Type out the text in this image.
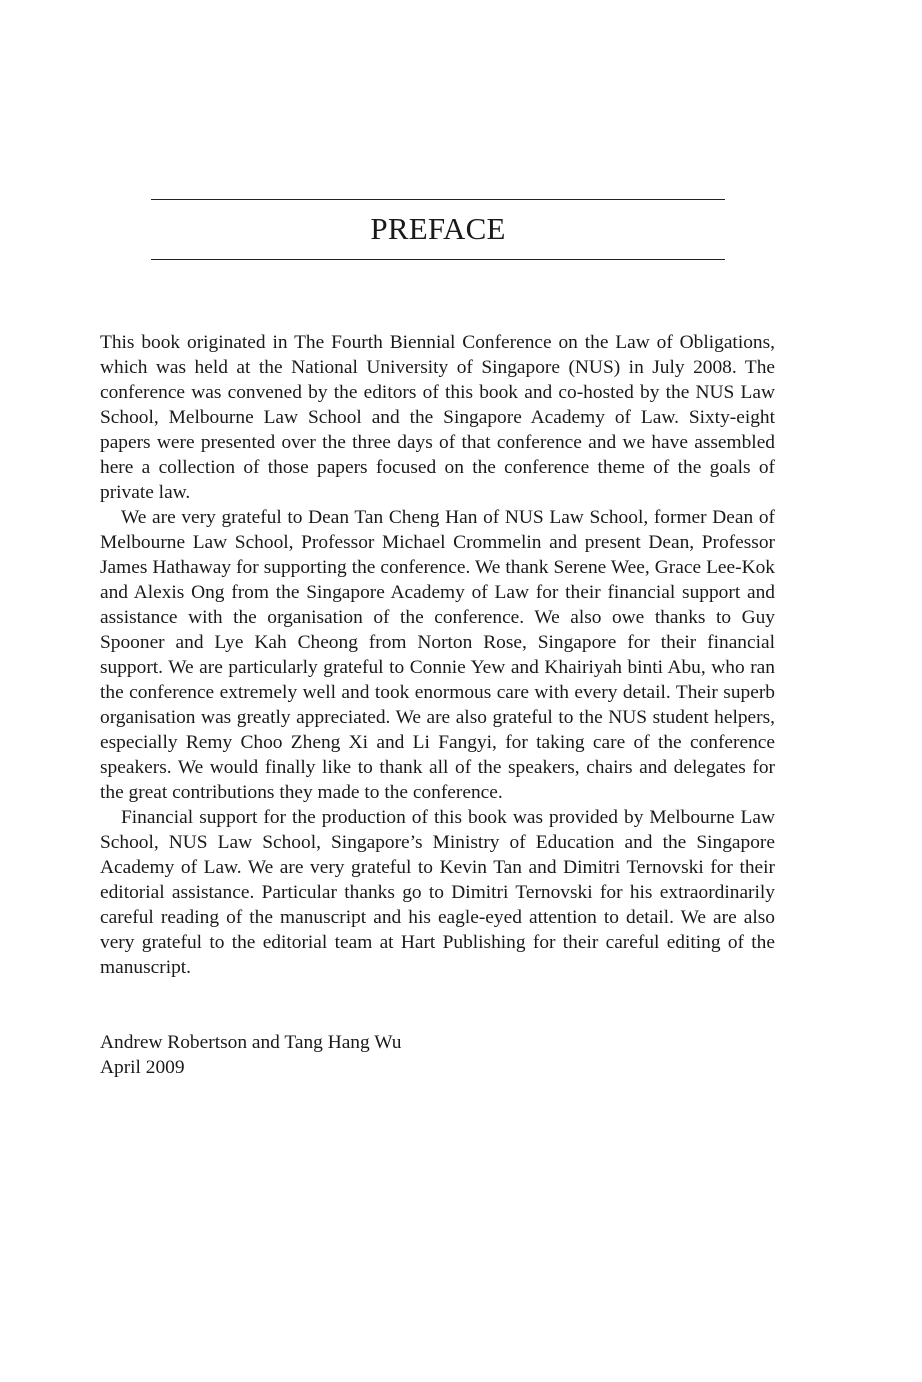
PREFACE

This book originated in The Fourth Biennial Conference on the Law of Obligations, which was held at the National University of Singapore (NUS) in July 2008. The conference was convened by the editors of this book and co-hosted by the NUS Law School, Melbourne Law School and the Singapore Academy of Law. Sixty-eight papers were presented over the three days of that conference and we have assembled here a collection of those papers focused on the conference theme of the goals of private law.

We are very grateful to Dean Tan Cheng Han of NUS Law School, former Dean of Melbourne Law School, Professor Michael Crommelin and present Dean, Professor James Hathaway for supporting the conference. We thank Serene Wee, Grace Lee-Kok and Alexis Ong from the Singapore Academy of Law for their financial support and assistance with the organisation of the conference. We also owe thanks to Guy Spooner and Lye Kah Cheong from Norton Rose, Singapore for their financial support. We are particularly grateful to Connie Yew and Khairiyah binti Abu, who ran the conference extremely well and took enormous care with every detail. Their superb organisation was greatly appreciated. We are also grateful to the NUS student helpers, especially Remy Choo Zheng Xi and Li Fangyi, for taking care of the conference speakers. We would finally like to thank all of the speakers, chairs and delegates for the great contributions they made to the conference.

Financial support for the production of this book was provided by Melbourne Law School, NUS Law School, Singapore’s Ministry of Education and the Singapore Academy of Law. We are very grateful to Kevin Tan and Dimitri Ternovski for their editorial assistance. Particular thanks go to Dimitri Ternovski for his extraordinarily careful reading of the manuscript and his eagle-eyed attention to detail. We are also very grateful to the editorial team at Hart Publishing for their careful editing of the manuscript.

Andrew Robertson and Tang Hang Wu
April 2009
